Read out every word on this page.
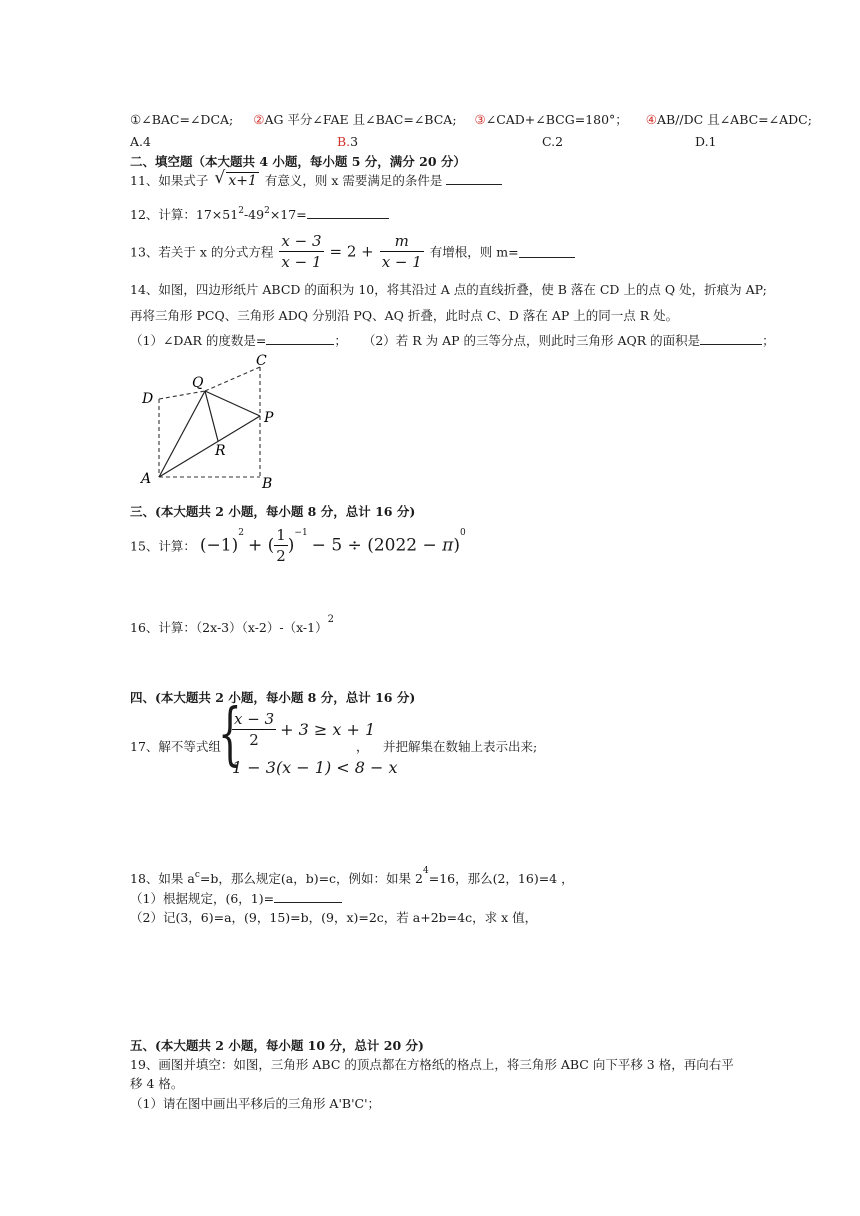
①∠BAC=∠DCA; ②AG 平分∠FAE 且∠BAC=∠BCA; ③∠CAD+∠BCG=180°； ④AB//DC 且∠ABC=∠ADC;
A.4	B.3	C.2	D.1
二、填空题（本大题共 4 小题，每小题 5 分，满分 20 分）
11、如果式子 √ x+1 有意义，则 x 需要满足的条件是
12、计算：$17\times 51^2-49^2\times 17=$
13、若关于 x 的分式方程 $\frac{x - 3}{x - 1} = 2 + \frac{m}{x - 1}$ 有增根，则 m=
14、如图，四边形纸片 ABCD 的面积为 10，将其沿过 A 点的直线折叠，使 B 落在 CD 上的点 Q 处，折痕为 AP;
再将三角形 PCQ、三角形 ADQ 分别沿 PQ、AQ 折叠，此时点 C、D 落在 AP 上的同一点 R 处。
（1）∠DAR 的度数是=	； （2）若 R 为 AP 的三等分点，则此时三角形 AQR 的面积是	；
C
Q
D
P
R
A	B
三、(本大题共 2 小题，每小题 8 分，总计 16 分)
15、计算： $(-1)^2$ + ( $\frac{1}{2} )^{-1} - 5 \div (2022 - \pi)^0$
16、计算：$(2x-3)(x-2)-(x-1)^2$
四、(本大题共 2 小题，每小题 8 分，总计 16 分)
17、解不等式组
{
$\frac{x - 3}{2} + 3 \ge x + 1$
1 − 3(x − 1) < 8 − x
， 并把解集在数轴上表示出来;
18、如果 $a^c=b$，那么规定(a，b)=c，例如：如果 $2^4=16$，那么(2，16)=4 ，
（1）根据规定，(6，1)=
（2）记(3，6)=a，(9，15)=b，(9，x)=2c，若 a+2b=4c，求 x 值，
五、(本大题共 2 小题，每小题 10 分，总计 20 分)
19、画图并填空：如图，三角形 ABC 的顶点都在方格纸的格点上，将三角形 ABC 向下平移 3 格，再向右平
移 4 格。
（1）请在图中画出平移后的三角形 A'B'C'；
